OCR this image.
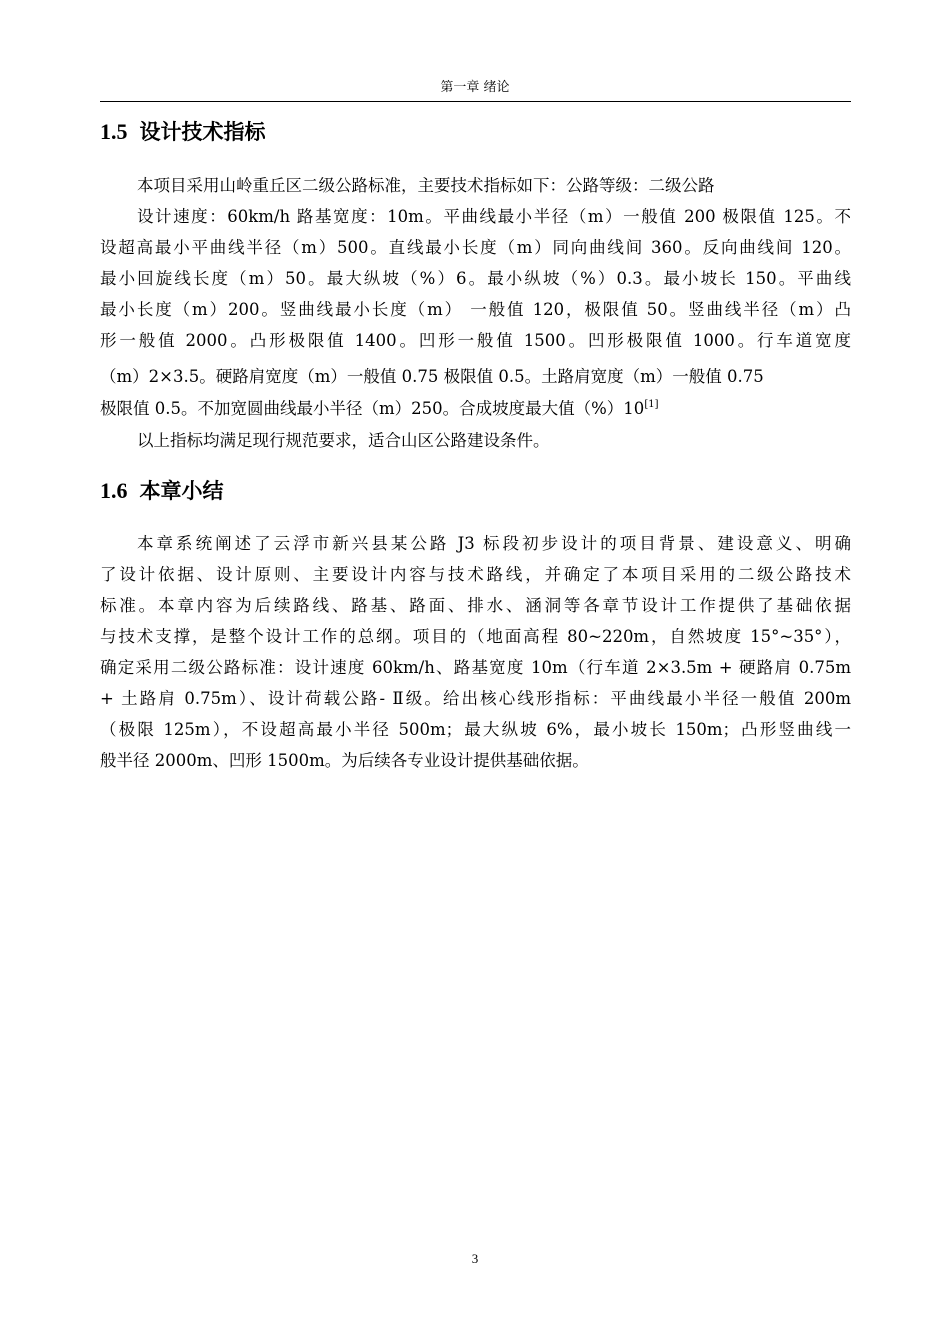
第一章 绪论
1.5 设计技术指标
本项目采用山岭重丘区二级公路标准，主要技术指标如下：公路等级：二级公路
设计速度：60km/h 路基宽度：10m。平曲线最小半径（m）一般值 200 极限值 125。不
设超高最小平曲线半径（m）500。直线最小长度（m）同向曲线间 360。反向曲线间 120。
最小回旋线长度（m）50。最大纵坡（%）6。最小纵坡（%）0.3。最小坡长 150。平曲线
最小长度（m）200。竖曲线最小长度（m） 一般值 120，极限值 50。竖曲线半径（m）凸
形一般值 2000。凸形极限值 1400。凹形一般值 1500。凹形极限值 1000。行车道宽度
（m）2×3.5。硬路肩宽度（m）一般值 0.75 极限值 0.5。土路肩宽度（m）一般值 0.75
极限值 0.5。不加宽圆曲线最小半径（m）250。合成坡度最大值（%）10[1]
以上指标均满足现行规范要求，适合山区公路建设条件。
1.6 本章小结
本章系统阐述了云浮市新兴县某公路 J3 标段初步设计的项目背景、建设意义、明确
了设计依据、设计原则、主要设计内容与技术路线，并确定了本项目采用的二级公路技术
标准。本章内容为后续路线、路基、路面、排水、涵洞等各章节设计工作提供了基础依据
与技术支撑，是整个设计工作的总纲。项目的（地面高程 80~220m，自然坡度 15°~35°），
确定采用二级公路标准：设计速度 60km/h、路基宽度 10m（行车道 2×3.5m + 硬路肩 0.75m
+ 土路肩 0.75m）、设计荷载公路- Ⅱ级。给出核心线形指标：平曲线最小半径一般值 200m
（极限 125m），不设超高最小半径 500m；最大纵坡 6%，最小坡长 150m；凸形竖曲线一
般半径 2000m、凹形 1500m。为后续各专业设计提供基础依据。
3
